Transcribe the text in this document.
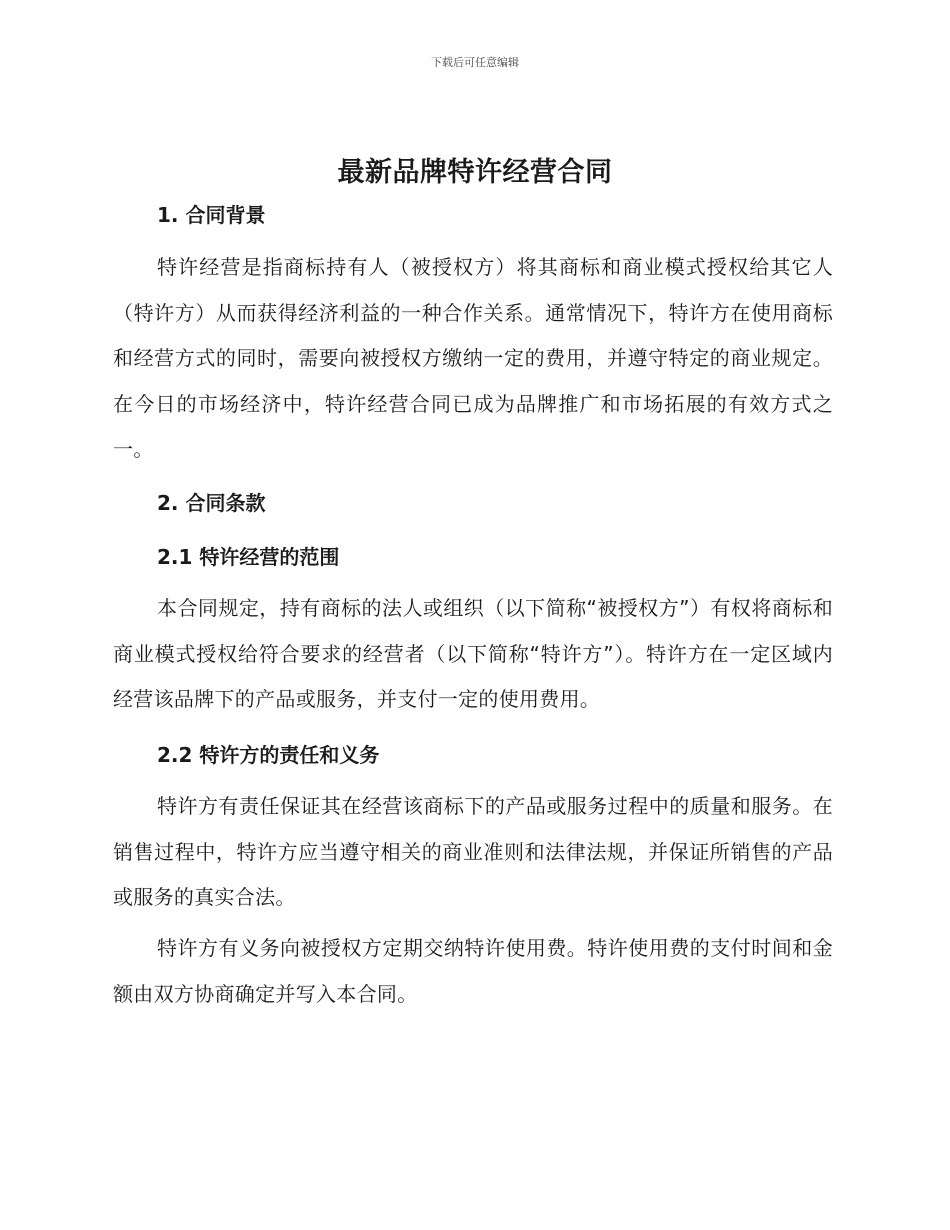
下载后可任意编辑
最新品牌特许经营合同
1. 合同背景

特许经营是指商标持有人（被授权方）将其商标和商业模式授权给其它人（特许方）从而获得经济利益的一种合作关系。通常情况下，特许方在使用商标和经营方式的同时，需要向被授权方缴纳一定的费用，并遵守特定的商业规定。在今日的市场经济中，特许经营合同已成为品牌推广和市场拓展的有效方式之一。

2. 合同条款
2.1 特许经营的范围

本合同规定，持有商标的法人或组织（以下简称“被授权方”）有权将商标和商业模式授权给符合要求的经营者（以下简称“特许方”）。特许方在一定区域内经营该品牌下的产品或服务，并支付一定的使用费用。

2.2 特许方的责任和义务

特许方有责任保证其在经营该商标下的产品或服务过程中的质量和服务。在销售过程中，特许方应当遵守相关的商业准则和法律法规，并保证所销售的产品或服务的真实合法。

特许方有义务向被授权方定期交纳特许使用费。特许使用费的支付时间和金额由双方协商确定并写入本合同。
